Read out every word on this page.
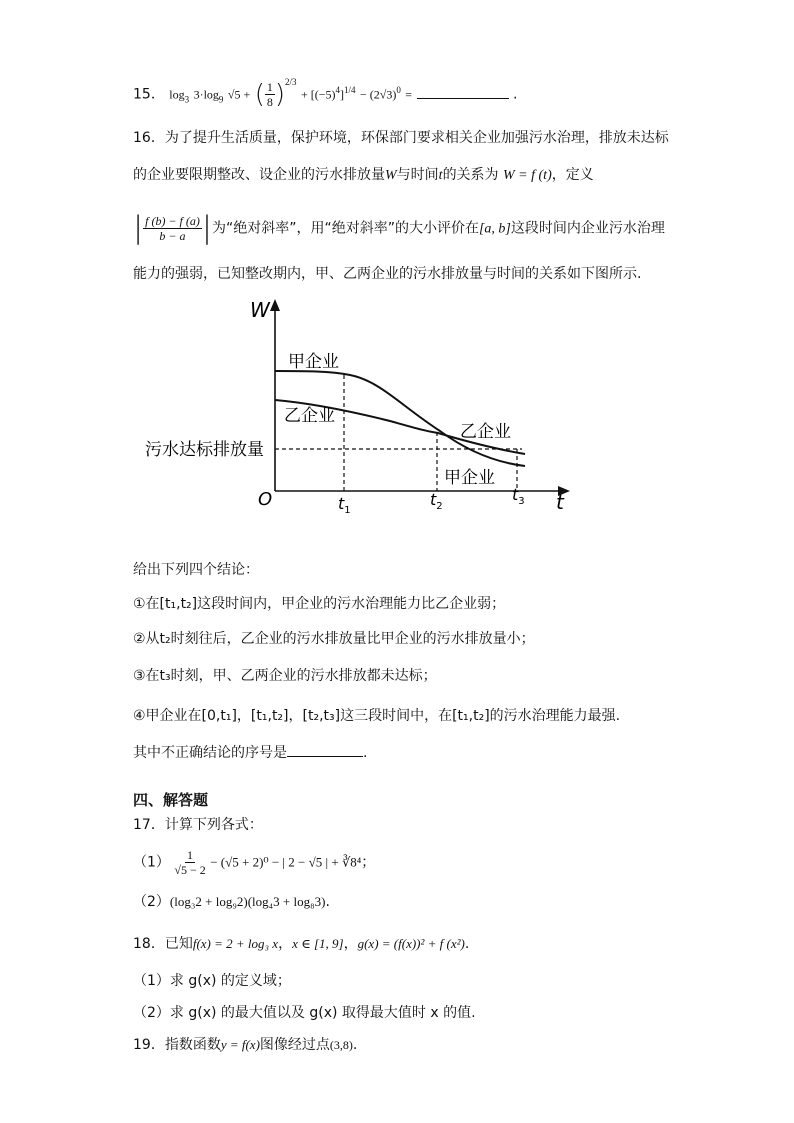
15． $\log_3 3\cdot\log_9$ √5 + ( $\frac{1}{8} )^{2/3} + [(-5)^4]^{1/4} - (2√3)^0$ =	.
16．为了提升生活质量，保护环境，环保部门要求相关企业加强污水治理，排放未达标
的企业要限期整改、设企业的污水排放量W与时间t的关系为 W = f (t)，定义
| $\frac{f (b) - f (a)}{b - a}$ |为“绝对斜率”，用“绝对斜率”的大小评价在[a, b]这段时间内企业污水治理
能力的强弱，已知整改期内，甲、乙两企业的污水排放量与时间的关系如下图所示.
W
t
O
污水达标排放量
$t_1$
$t_2$
$t_3$
甲企业
乙企业
乙企业
甲企业
给出下列四个结论：
①在[t₁,t₂]这段时间内，甲企业的污水治理能力比乙企业弱；
②从t₂时刻往后，乙企业的污水排放量比甲企业的污水排放量小；
③在t₃时刻，甲、乙两企业的污水排放都未达标；
④甲企业在[0,t₁]，[t₁,t₂]，[t₂,t₃]这三段时间中，在[t₁,t₂]的污水治理能力最强.
其中不正确结论的序号是	.
四、解答题
17．计算下列各式：
$(1) \frac{1}{√5 - 2} - (√5 + 2)^0$ − | 2 − √5 | + ∛8⁴；
（2）(log₃2 + log₉2)(log₄3 + log₈3).
18．已知f(x) = 2 + log₃ x，x ∈ [1, 9]，g(x) = (f(x))² + f (x²).
（1）求 g(x) 的定义域；
（2）求 g(x) 的最大值以及 g(x) 取得最大值时 x 的值.
19．指数函数y = f(x)图像经过点(3,8).
